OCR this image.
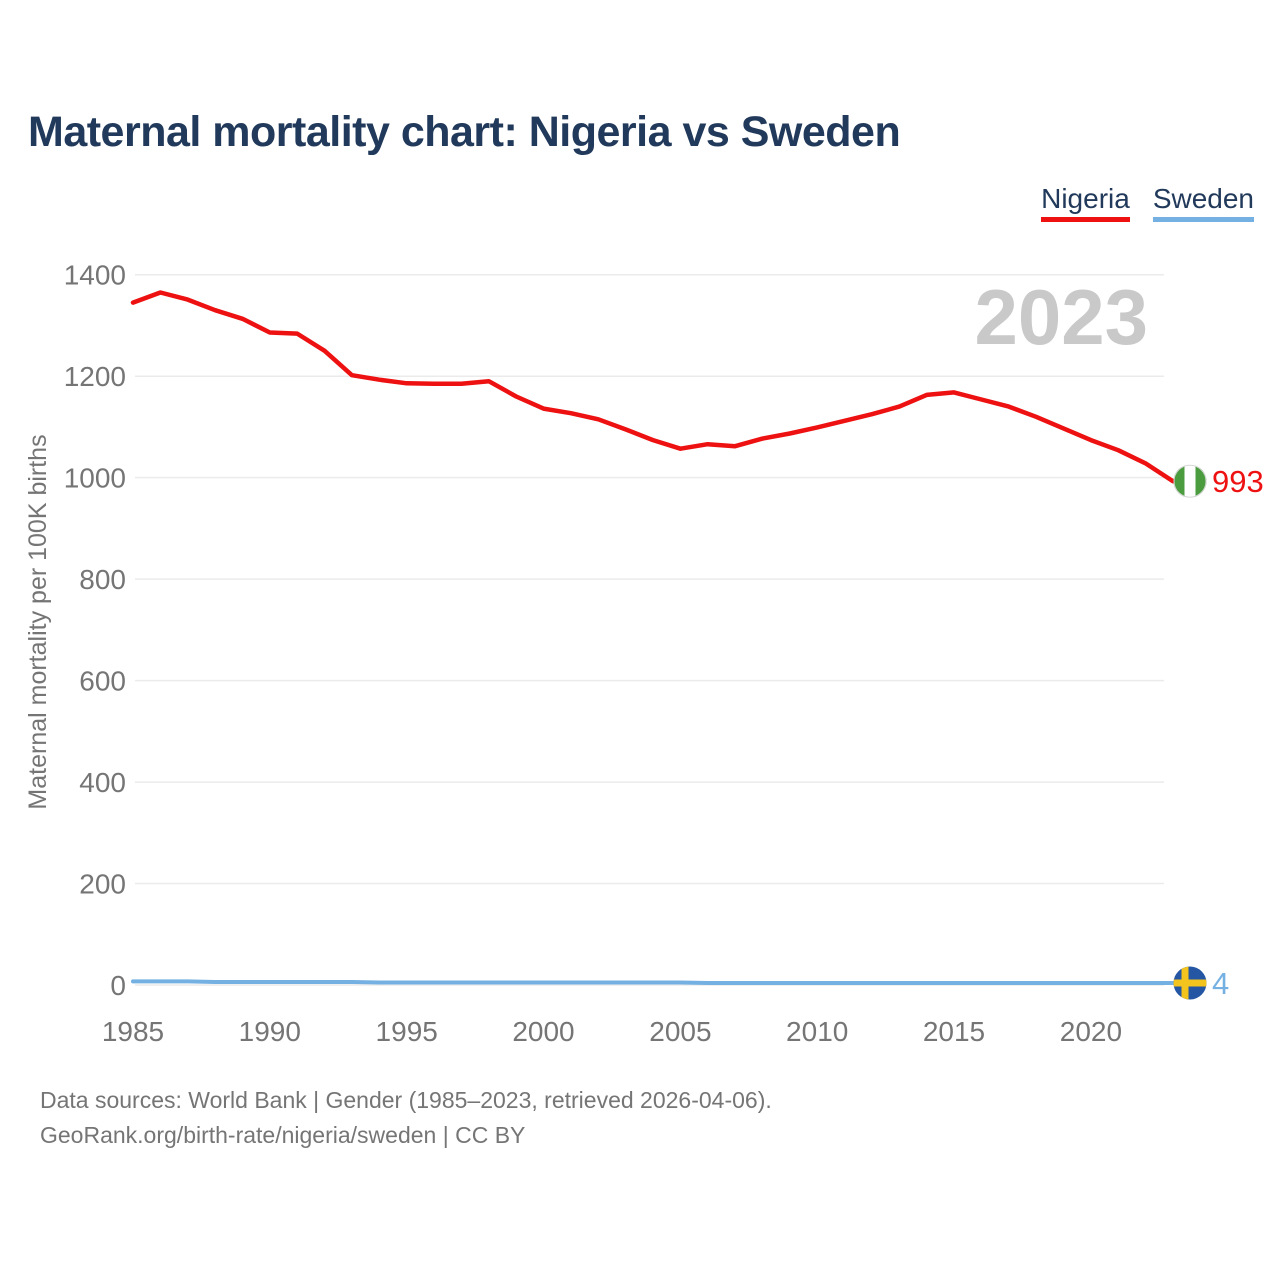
Maternal mortality chart: Nigeria vs Sweden
Nigeria Sweden
0
200
400
600
800
1000
1200
1400
1985	1990	1995	2000	2005	2010	2015	2020
Maternal mortality per 100K births
2023
993
4
Data sources: World Bank | Gender (1985–2023, retrieved 2026-04-06).
GeoRank.org/birth-rate/nigeria/sweden | CC BY
